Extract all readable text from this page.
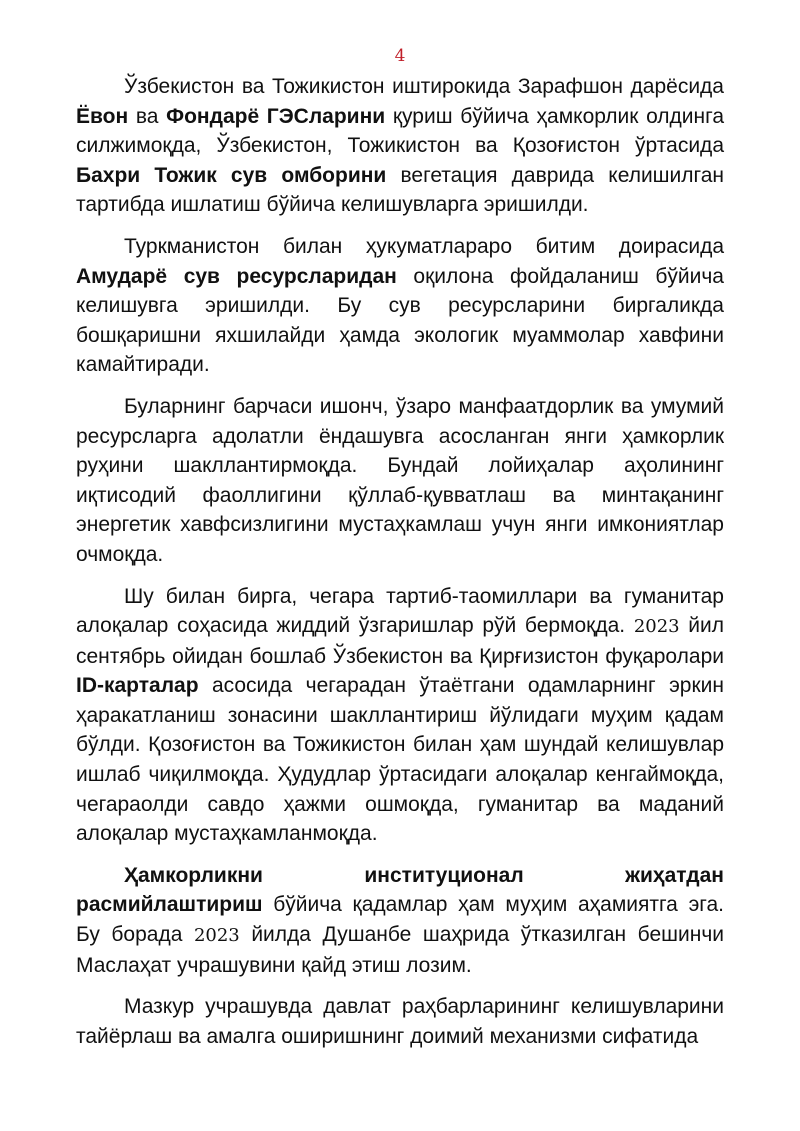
4

Ўзбекистон ва Тожикистон иштирокида Зарафшон дарёсида Ёвон ва Фондарё ГЭСларини қуриш бўйича ҳамкорлик олдинга силжимоқда, Ўзбекистон, Тожикистон ва Қозоғистон ўртасида Бахри Тожик сув омборини вегетация даврида келишилган тартибда ишлатиш бўйича келишувларга эришилди.

Туркманистон билан ҳукуматлараро битим доирасида Амударё сув ресурсларидан оқилона фойдаланиш бўйича келишувга эришилди. Бу сув ресурсларини биргаликда бошқаришни яхшилайди ҳамда экологик муаммолар хавфини камайтиради.

Буларнинг барчаси ишонч, ўзаро манфаатдорлик ва умумий ресурсларга адолатли ёндашувга асосланган янги ҳамкорлик руҳини шакллантирмоқда. Бундай лойиҳалар аҳолининг иқтисодий фаоллигини қўллаб-қувватлаш ва минтақанинг энергетик хавфсизлигини мустаҳкамлаш учун янги имкониятлар очмоқда.

Шу билан бирга, чегара тартиб-таомиллари ва гуманитар алоқалар соҳасида жиддий ўзгаришлар рўй бермоқда. 2023 йил сентябрь ойидан бошлаб Ўзбекистон ва Қирғизистон фуқаролари ID-карталар асосида чегарадан ўтаётгани одамларнинг эркин ҳаракатланиш зонасини шакллантириш йўлидаги муҳим қадам бўлди. Қозоғистон ва Тожикистон билан ҳам шундай келишувлар ишлаб чиқилмоқда. Ҳудудлар ўртасидаги алоқалар кенгаймоқда, чегараолди савдо ҳажми ошмоқда, гуманитар ва маданий алоқалар мустаҳкамланмоқда.

Ҳамкорликни институционал жиҳатдан расмийлаштириш бўйича қадамлар ҳам муҳим аҳамиятга эга. Бу борада 2023 йилда Душанбе шаҳрида ўтказилган бешинчи Маслаҳат учрашувини қайд этиш лозим.

Мазкур учрашувда давлат раҳбарларининг келишувларини тайёрлаш ва амалга оширишнинг доимий механизми сифатида
